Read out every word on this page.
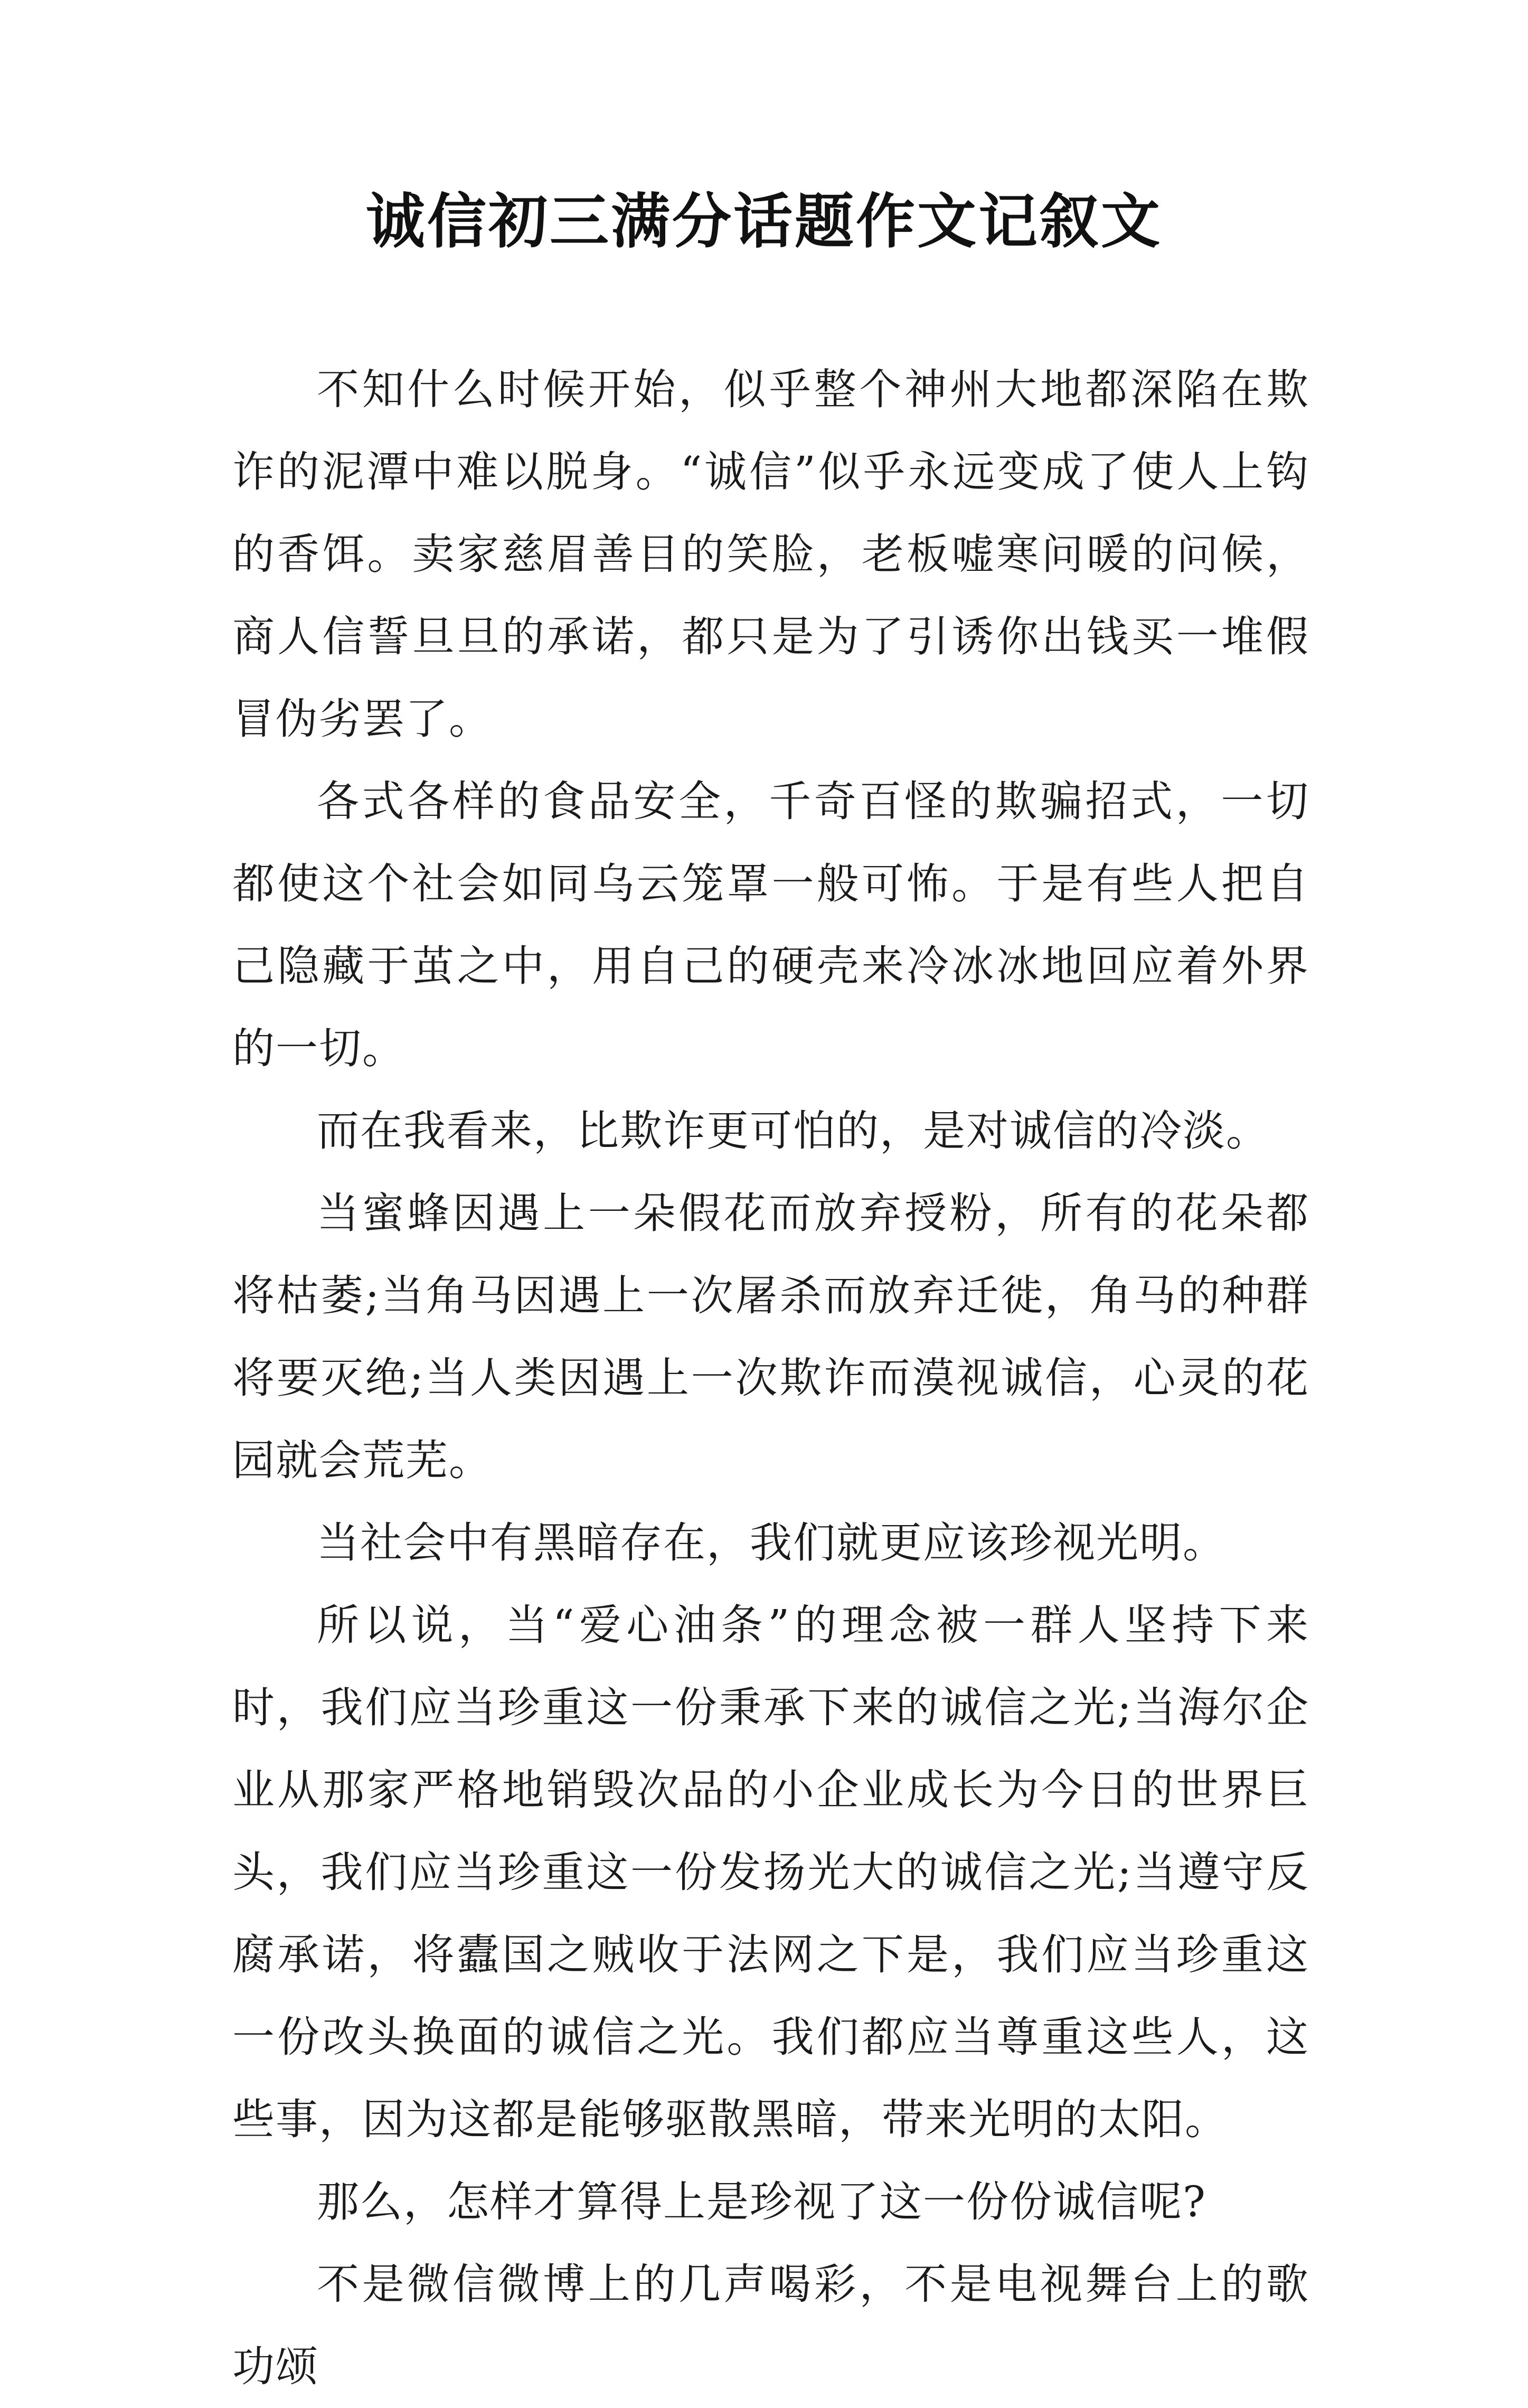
诚信初三满分话题作文记叙文

不知什么时候开始，似乎整个神州大地都深陷在欺诈的泥潭中难以脱身。“诚信”似乎永远变成了使人上钩的香饵。卖家慈眉善目的笑脸，老板嘘寒问暖的问候，商人信誓旦旦的承诺，都只是为了引诱你出钱买一堆假冒伪劣罢了。

各式各样的食品安全，千奇百怪的欺骗招式，一切都使这个社会如同乌云笼罩一般可怖。于是有些人把自己隐藏于茧之中，用自己的硬壳来冷冰冰地回应着外界的一切。

而在我看来，比欺诈更可怕的，是对诚信的冷淡。

当蜜蜂因遇上一朵假花而放弃授粉，所有的花朵都将枯萎;当角马因遇上一次屠杀而放弃迁徙，角马的种群将要灭绝;当人类因遇上一次欺诈而漠视诚信，心灵的花园就会荒芜。

当社会中有黑暗存在，我们就更应该珍视光明。

所以说，当“爱心油条”的理念被一群人坚持下来时，我们应当珍重这一份秉承下来的诚信之光;当海尔企业从那家严格地销毁次品的小企业成长为今日的世界巨头，我们应当珍重这一份发扬光大的诚信之光;当遵守反腐承诺，将蠹国之贼收于法网之下是，我们应当珍重这一份改头换面的诚信之光。我们都应当尊重这些人，这些事，因为这都是能够驱散黑暗，带来光明的太阳。

那么，怎样才算得上是珍视了这一份份诚信呢?

不是微信微博上的几声喝彩，不是电视舞台上的歌功颂
